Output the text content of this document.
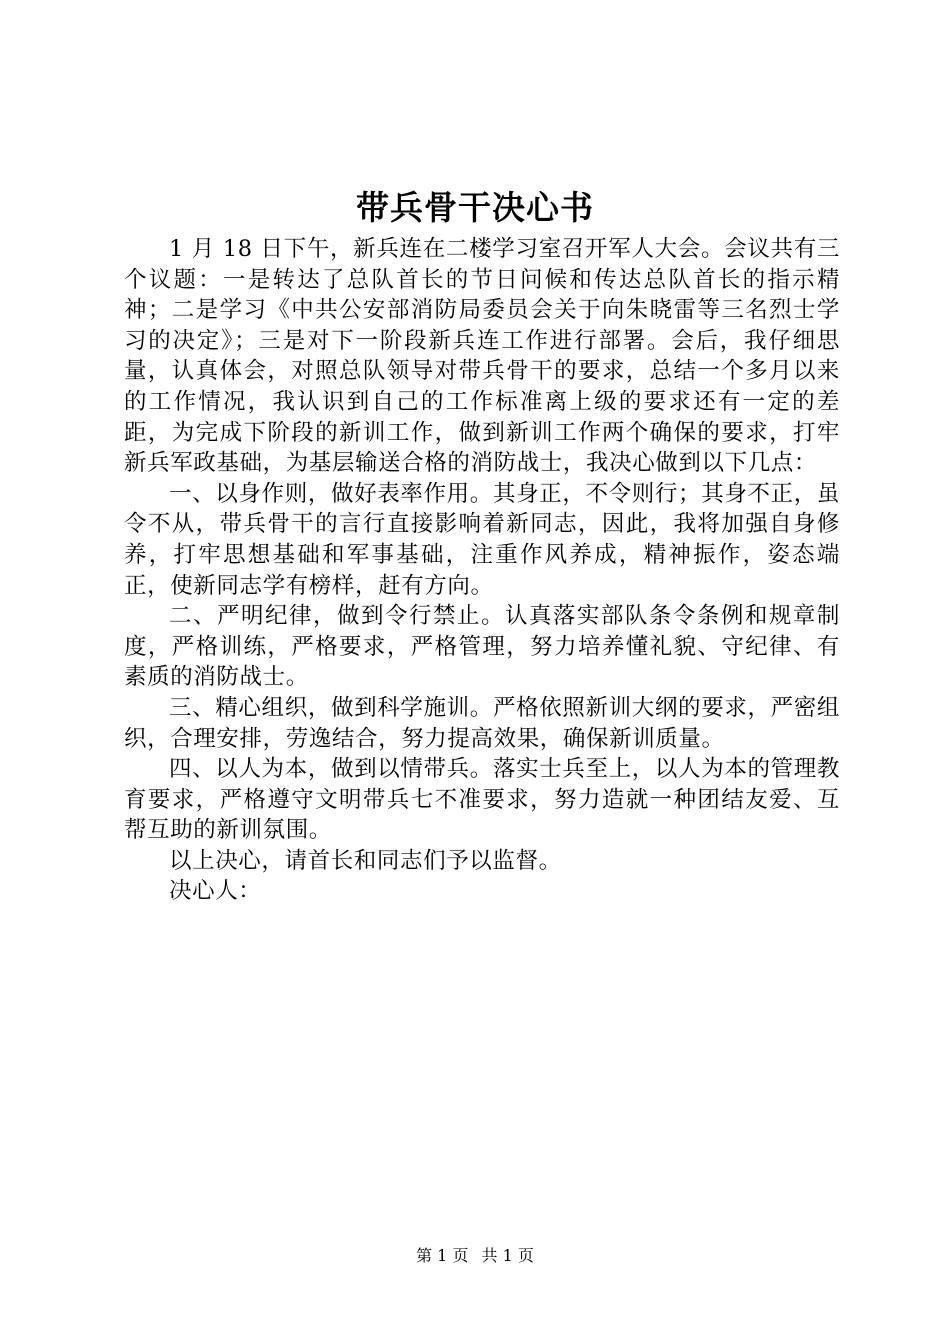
带兵骨干决心书

1 月 18 日下午，新兵连在二楼学习室召开军人大会。会议共有三个议题：一是转达了总队首长的节日问候和传达总队首长的指示精神；二是学习《中共公安部消防局委员会关于向朱晓雷等三名烈士学习的决定》；三是对下一阶段新兵连工作进行部署。会后，我仔细思量，认真体会，对照总队领导对带兵骨干的要求，总结一个多月以来的工作情况，我认识到自己的工作标准离上级的要求还有一定的差距，为完成下阶段的新训工作，做到新训工作两个确保的要求，打牢新兵军政基础，为基层输送合格的消防战士，我决心做到以下几点：

一、以身作则，做好表率作用。其身正，不令则行；其身不正，虽令不从，带兵骨干的言行直接影响着新同志，因此，我将加强自身修养，打牢思想基础和军事基础，注重作风养成，精神振作，姿态端正，使新同志学有榜样，赶有方向。

二、严明纪律，做到令行禁止。认真落实部队条令条例和规章制度，严格训练，严格要求，严格管理，努力培养懂礼貌、守纪律、有素质的消防战士。

三、精心组织，做到科学施训。严格依照新训大纲的要求，严密组织，合理安排，劳逸结合，努力提高效果，确保新训质量。

四、以人为本，做到以情带兵。落实士兵至上，以人为本的管理教育要求，严格遵守文明带兵七不准要求，努力造就一种团结友爱、互帮互助的新训氛围。

以上决心，请首长和同志们予以监督。

决心人：

第 1 页 共 1 页
